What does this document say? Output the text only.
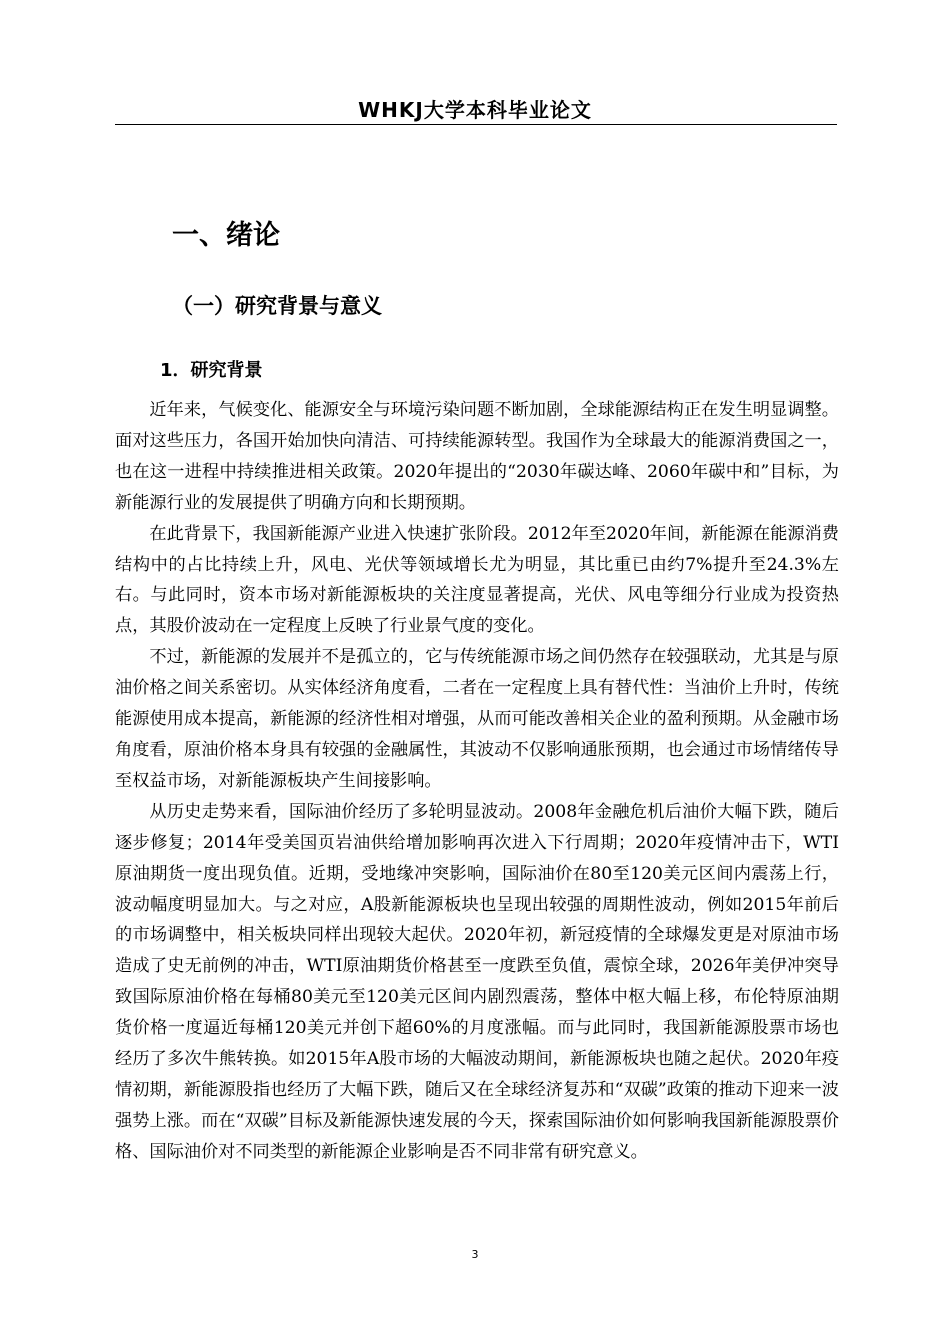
WHKJ大学本科毕业论文
一、绪论
（一）研究背景与意义
1．研究背景

近年来，气候变化、能源安全与环境污染问题不断加剧，全球能源结构正在发生明显调整。面对这些压力，各国开始加快向清洁、可持续能源转型。我国作为全球最大的能源消费国之一，也在这一进程中持续推进相关政策。2020年提出的“2030年碳达峰、2060年碳中和”目标，为新能源行业的发展提供了明确方向和长期预期。

在此背景下，我国新能源产业进入快速扩张阶段。2012年至2020年间，新能源在能源消费结构中的占比持续上升，风电、光伏等领域增长尤为明显，其比重已由约7%提升至24.3%左右。与此同时，资本市场对新能源板块的关注度显著提高，光伏、风电等细分行业成为投资热点，其股价波动在一定程度上反映了行业景气度的变化。

不过，新能源的发展并不是孤立的，它与传统能源市场之间仍然存在较强联动，尤其是与原油价格之间关系密切。从实体经济角度看，二者在一定程度上具有替代性：当油价上升时，传统能源使用成本提高，新能源的经济性相对增强，从而可能改善相关企业的盈利预期。从金融市场角度看，原油价格本身具有较强的金融属性，其波动不仅影响通胀预期，也会通过市场情绪传导至权益市场，对新能源板块产生间接影响。

从历史走势来看，国际油价经历了多轮明显波动。2008年金融危机后油价大幅下跌，随后逐步修复；2014年受美国页岩油供给增加影响再次进入下行周期；2020年疫情冲击下，WTI原油期货一度出现负值。近期，受地缘冲突影响，国际油价在80至120美元区间内震荡上行，波动幅度明显加大。与之对应，A股新能源板块也呈现出较强的周期性波动，例如2015年前后的市场调整中，相关板块同样出现较大起伏。2020年初，新冠疫情的全球爆发更是对原油市场造成了史无前例的冲击，WTI原油期货价格甚至一度跌至负值，震惊全球，2026年美伊冲突导致国际原油价格在每桶80美元至120美元区间内剧烈震荡，整体中枢大幅上移，布伦特原油期货价格一度逼近每桶120美元并创下超60%的月度涨幅。而与此同时，我国新能源股票市场也经历了多次牛熊转换。如2015年A股市场的大幅波动期间，新能源板块也随之起伏。2020年疫情初期，新能源股指也经历了大幅下跌，随后又在全球经济复苏和“双碳”政策的推动下迎来一波强势上涨。而在“双碳”目标及新能源快速发展的今天，探索国际油价如何影响我国新能源股票价格、国际油价对不同类型的新能源企业影响是否不同非常有研究意义。

3
